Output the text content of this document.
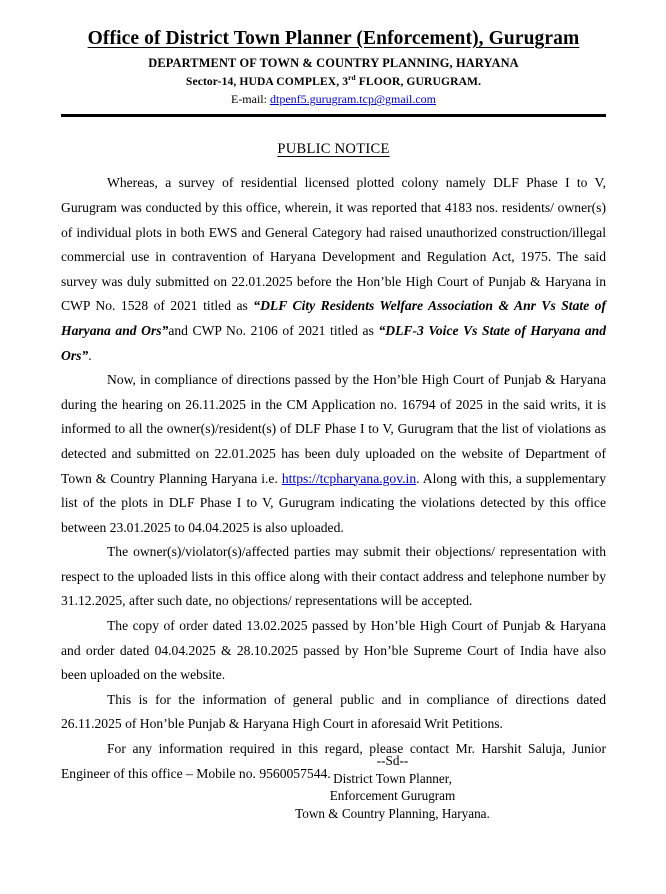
Office of District Town Planner (Enforcement), Gurugram
DEPARTMENT OF TOWN & COUNTRY PLANNING, HARYANA
Sector-14, HUDA COMPLEX, 3rd FLOOR, GURUGRAM.
E-mail: dtpenf5.gurugram.tcp@gmail.com
PUBLIC NOTICE

Whereas, a survey of residential licensed plotted colony namely DLF Phase I to V, Gurugram was conducted by this office, wherein, it was reported that 4183 nos. residents/ owner(s) of individual plots in both EWS and General Category had raised unauthorized construction/illegal commercial use in contravention of Haryana Development and Regulation Act, 1975. The said survey was duly submitted on 22.01.2025 before the Hon’ble High Court of Punjab & Haryana in CWP No. 1528 of 2021 titled as “DLF City Residents Welfare Association & Anr Vs State of Haryana and Ors”and CWP No. 2106 of 2021 titled as “DLF-3 Voice Vs State of Haryana and Ors”.

Now, in compliance of directions passed by the Hon’ble High Court of Punjab & Haryana during the hearing on 26.11.2025 in the CM Application no. 16794 of 2025 in the said writs, it is informed to all the owner(s)/resident(s) of DLF Phase I to V, Gurugram that the list of violations as detected and submitted on 22.01.2025 has been duly uploaded on the website of Department of Town & Country Planning Haryana i.e. https://tcpharyana.gov.in. Along with this, a supplementary list of the plots in DLF Phase I to V, Gurugram indicating the violations detected by this office between 23.01.2025 to 04.04.2025 is also uploaded.

The owner(s)/violator(s)/affected parties may submit their objections/ representation with respect to the uploaded lists in this office along with their contact address and telephone number by 31.12.2025, after such date, no objections/ representations will be accepted.

The copy of order dated 13.02.2025 passed by Hon’ble High Court of Punjab & Haryana and order dated 04.04.2025 & 28.10.2025 passed by Hon’ble Supreme Court of India have also been uploaded on the website.

This is for the information of general public and in compliance of directions dated 26.11.2025 of Hon’ble Punjab & Haryana High Court in aforesaid Writ Petitions.

For any information required in this regard, please contact Mr. Harshit Saluja, Junior Engineer of this office – Mobile no. 9560057544.

--Sd--
District Town Planner,
Enforcement Gurugram
Town & Country Planning, Haryana.
